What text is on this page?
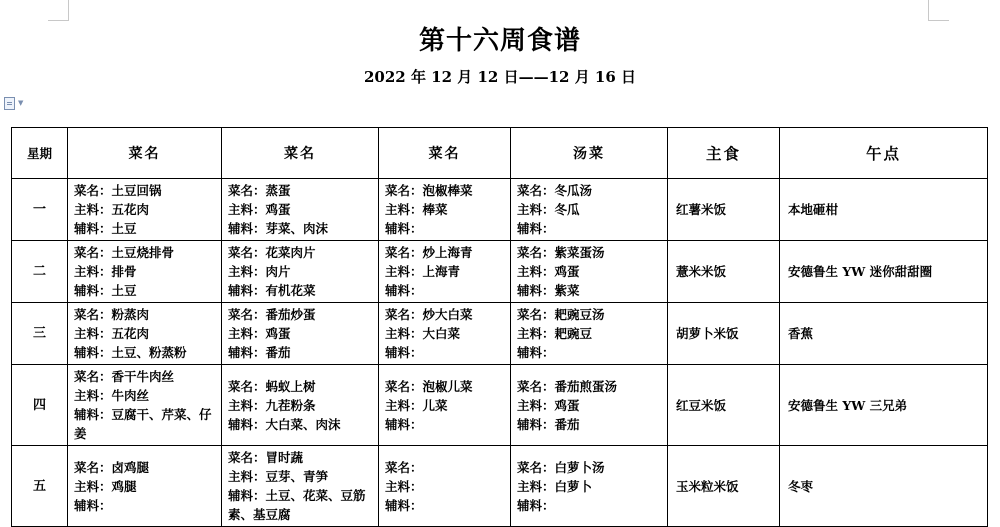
第十六周食谱
2022 年 12 月 12 日——12 月 16 日
▼
星期	菜名	菜名	菜名	汤菜	主食	午点
一	菜名：土豆回锅
主料：五花肉
辅料：土豆	菜名：蒸蛋
主料：鸡蛋
辅料：芽菜、肉沫	菜名：泡椒棒菜
主料：棒菜
辅料：	菜名：冬瓜汤
主料：冬瓜
辅料：	红薯米饭	本地砸柑
二	菜名：土豆烧排骨
主料：排骨
辅料：土豆	菜名：花菜肉片
主料：肉片
辅料：有机花菜	菜名：炒上海青
主料：上海青
辅料：	菜名：紫菜蛋汤
主料：鸡蛋
辅料：紫菜	薏米米饭	安德鲁生 YW 迷你甜甜圈
三	菜名：粉蒸肉
主料：五花肉
辅料：土豆、粉蒸粉	菜名：番茄炒蛋
主料：鸡蛋
辅料：番茄	菜名：炒大白菜
主料：大白菜
辅料：	菜名：耙豌豆汤
主料：耙豌豆
辅料：	胡萝卜米饭	香蕉
四	菜名：香干牛肉丝
主料：牛肉丝
辅料：豆腐干、芹菜、仔姜	菜名：蚂蚁上树
主料：九茬粉条
辅料：大白菜、肉沫	菜名：泡椒儿菜
主料：儿菜
辅料：	菜名：番茄煎蛋汤
主料：鸡蛋
辅料：番茄	红豆米饭	安德鲁生 YW 三兄弟
五	菜名：卤鸡腿
主料：鸡腿
辅料：	菜名：冒时蔬
主料：豆芽、青笋
辅料：土豆、花菜、豆筋素、基豆腐	菜名：
主料：
辅料：	菜名：白萝卜汤
主料：白萝卜
辅料：	玉米粒米饭	冬枣
